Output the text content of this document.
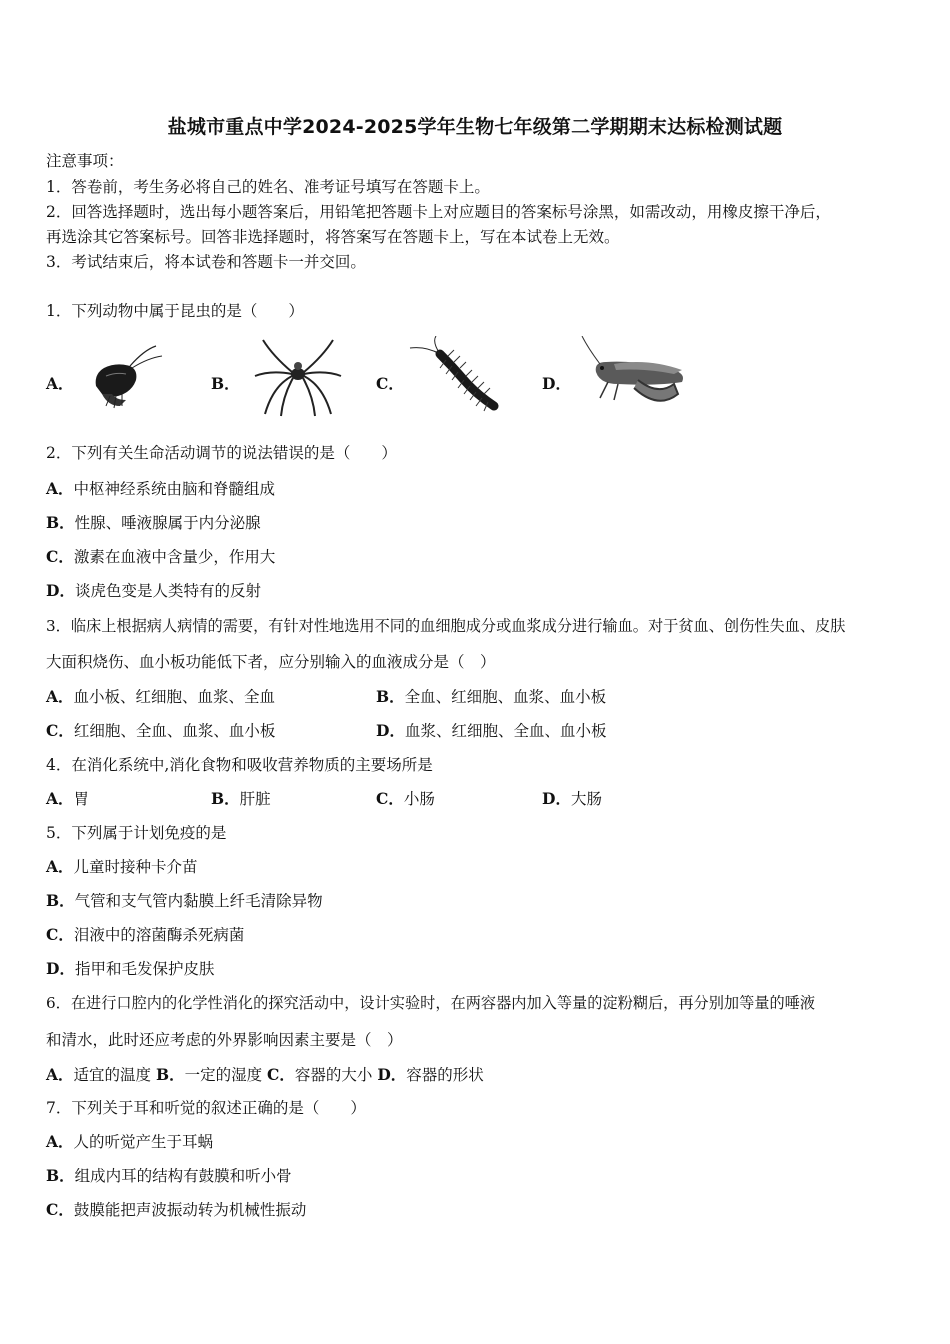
盐城市重点中学2024-2025学年生物七年级第二学期期末达标检测试题
注意事项：
1．答卷前，考生务必将自己的姓名、准考证号填写在答题卡上。
2．回答选择题时，选出每小题答案后，用铅笔把答题卡上对应题目的答案标号涂黑，如需改动，用橡皮擦干净后，
再选涂其它答案标号。回答非选择题时，将答案写在答题卡上，写在本试卷上无效。
3．考试结束后，将本试卷和答题卡一并交回。
1．下列动物中属于昆虫的是（　　）
A．	B．	C．	D．
2．下列有关生命活动调节的说法错误的是（　　）
A．中枢神经系统由脑和脊髓组成
B．性腺、唾液腺属于内分泌腺
C．激素在血液中含量少，作用大
D．谈虎色变是人类特有的反射
3．临床上根据病人病情的需要，有针对性地选用不同的血细胞成分或血浆成分进行输血。对于贫血、创伤性失血、皮肤
大面积烧伤、血小板功能低下者，应分别输入的血液成分是（　）
A．血小板、红细胞、血浆、全血	B．全血、红细胞、血浆、血小板
C．红细胞、全血、血浆、血小板	D．血浆、红细胞、全血、血小板
4．在消化系统中,消化食物和吸收营养物质的主要场所是
A．胃	B．肝脏	C．小肠	D．大肠
5．下列属于计划免疫的是
A．儿童时接种卡介苗
B．气管和支气管内黏膜上纤毛清除异物
C．泪液中的溶菌酶杀死病菌
D．指甲和毛发保护皮肤
6．在进行口腔内的化学性消化的探究活动中，设计实验时，在两容器内加入等量的淀粉糊后，再分别加等量的唾液
和清水，此时还应考虑的外界影响因素主要是（　）
A．适宜的温度 B．一定的湿度 C．容器的大小 D．容器的形状
7．下列关于耳和听觉的叙述正确的是（　　）
A．人的听觉产生于耳蜗
B．组成内耳的结构有鼓膜和听小骨
C．鼓膜能把声波振动转为机械性振动
